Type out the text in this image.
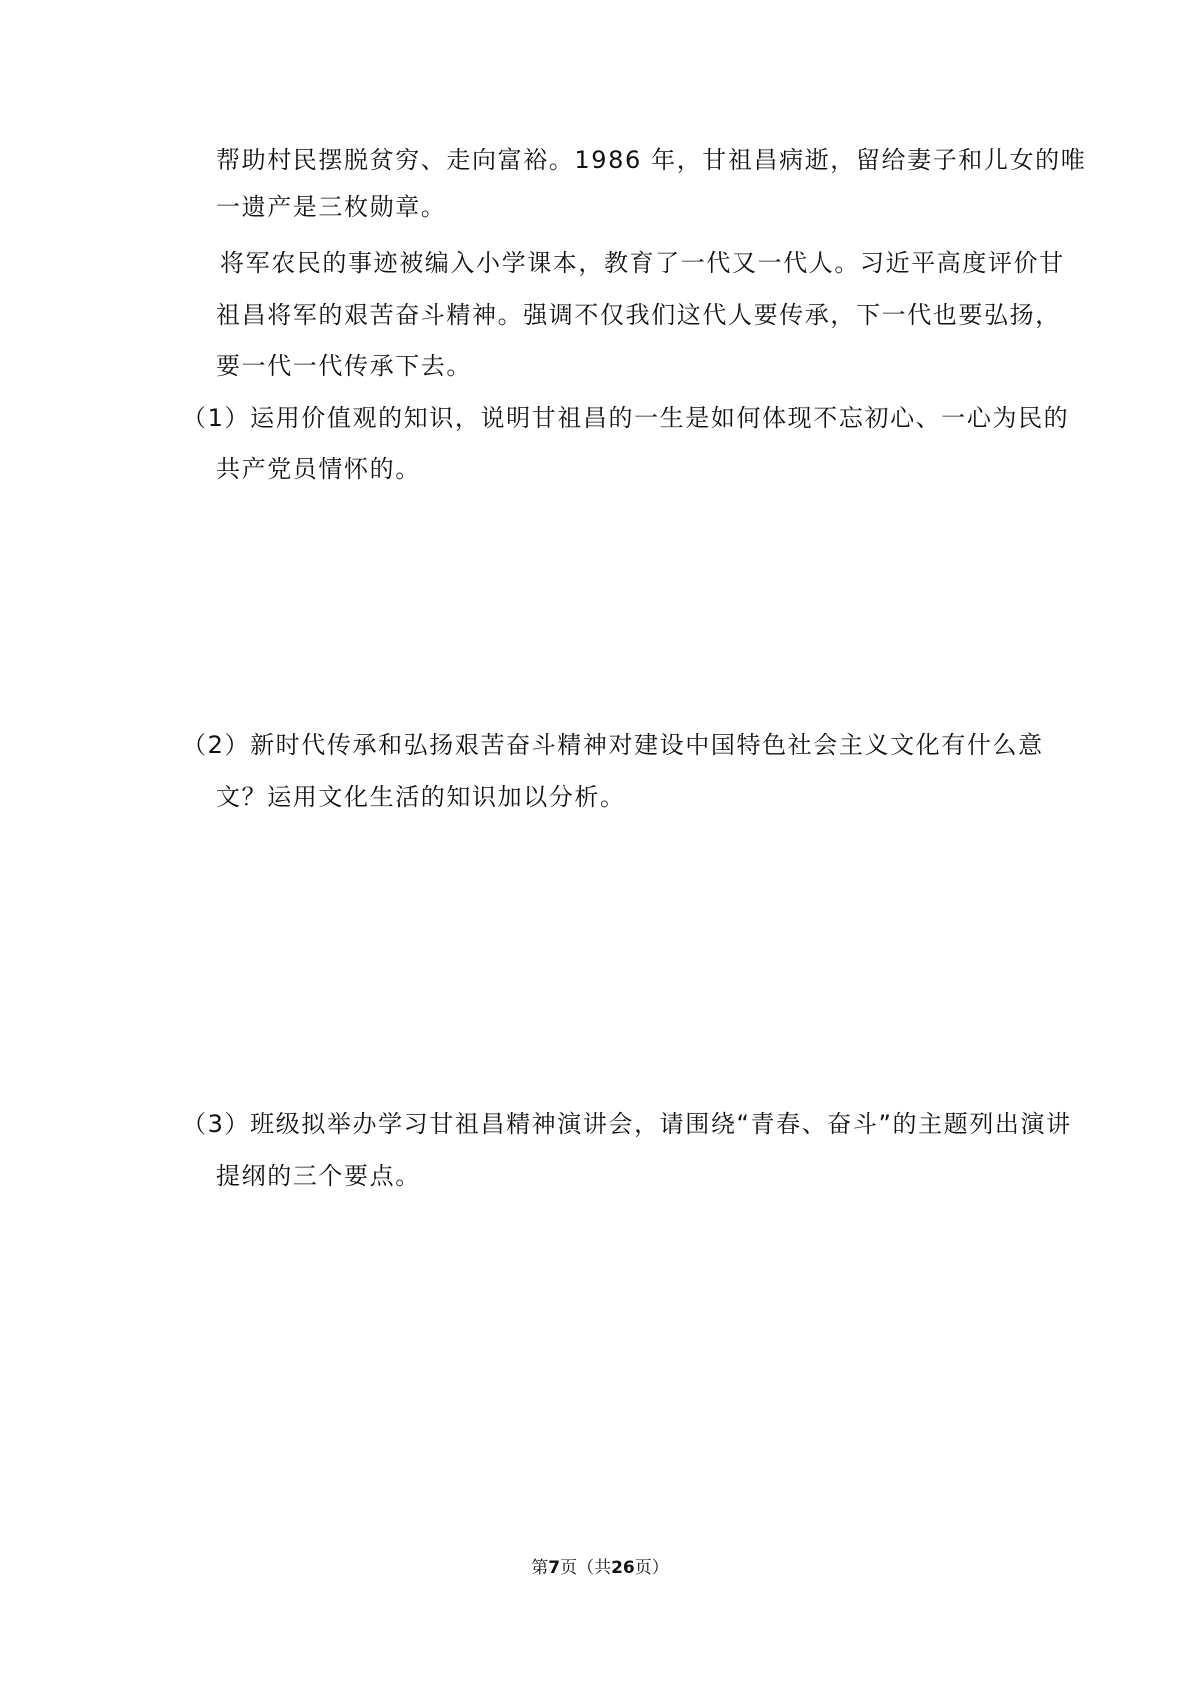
帮助村民摆脱贫穷、走向富裕。1986 年，甘祖昌病逝，留给妻子和儿女的唯
一遗产是三枚勋章。
将军农民的事迹被编入小学课本，教育了一代又一代人。习近平高度评价甘
祖昌将军的艰苦奋斗精神。强调不仅我们这代人要传承，下一代也要弘扬，
要一代一代传承下去。
（1）运用价值观的知识，说明甘祖昌的一生是如何体现不忘初心、一心为民的
共产党员情怀的。
（2）新时代传承和弘扬艰苦奋斗精神对建设中国特色社会主义文化有什么意
文？运用文化生活的知识加以分析。
（3）班级拟举办学习甘祖昌精神演讲会，请围绕“青春、奋斗”的主题列出演讲
提纲的三个要点。
第7页（共26页）
